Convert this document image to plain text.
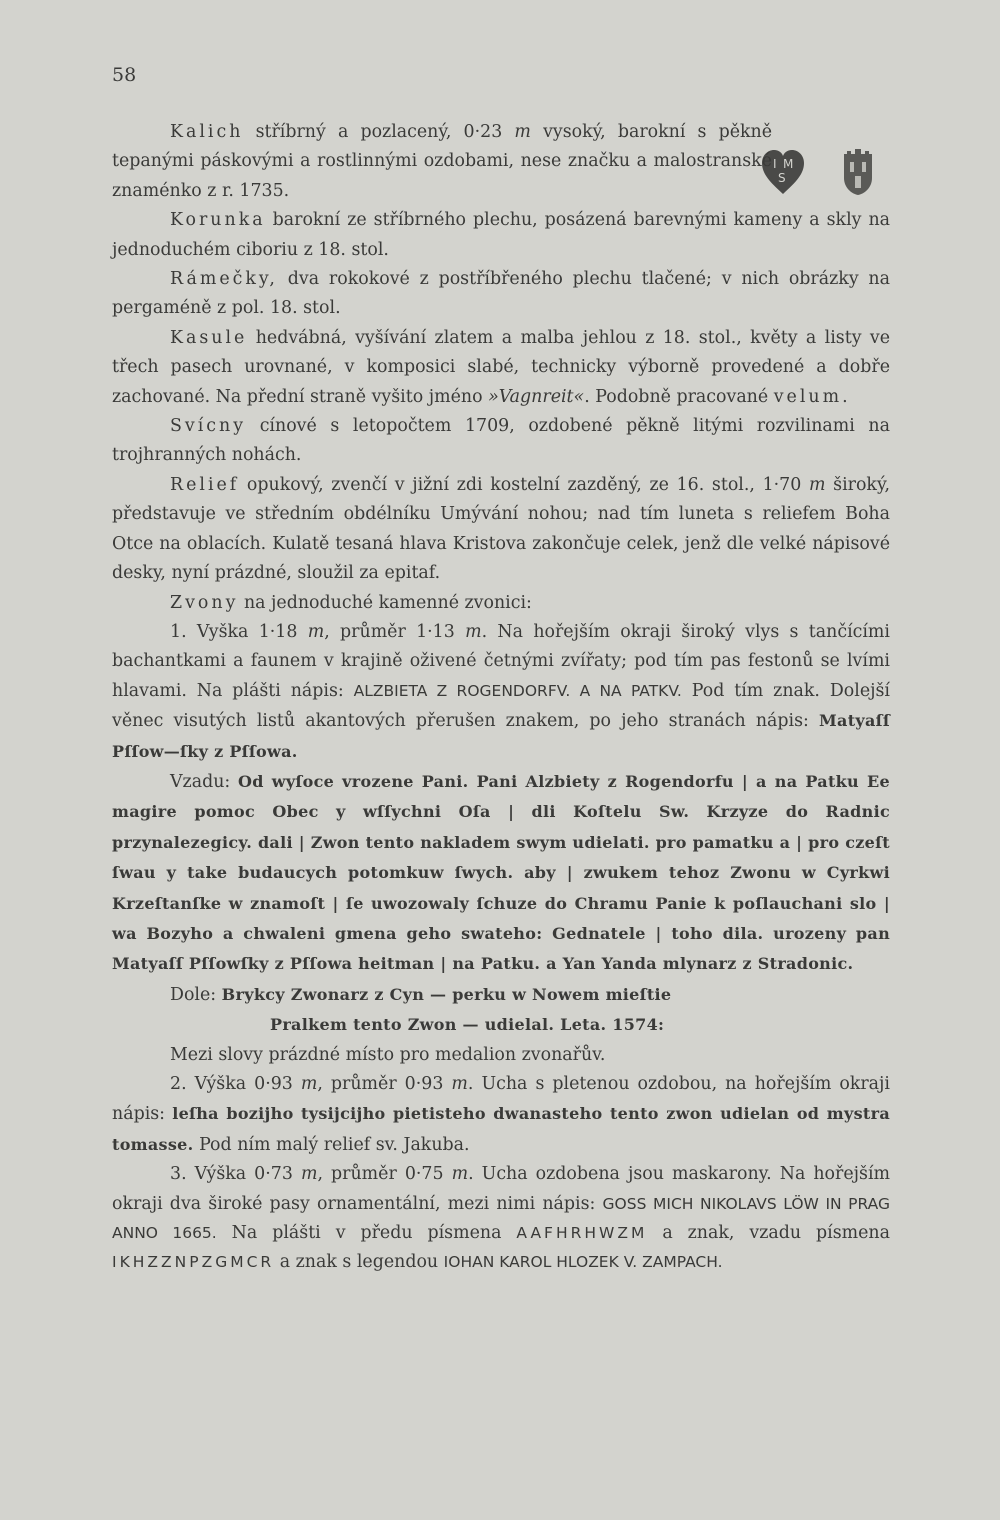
58
I M
S

Kalich stříbrný a pozlacený, 0·23 m vysoký, barokní s pěkně tepanými páskovými a rostlinnými ozdobami, nese značku a malostranské znaménko z r. 1735.

Korunka barokní ze stříbrného plechu, posázená barevnými kameny a skly na jednoduchém ciboriu z 18. stol.

Rámečky, dva rokokové z postříbřeného plechu tlačené; v nich obrázky na pergaméně z pol. 18. stol.

Kasule hedvábná, vyšívání zlatem a malba jehlou z 18. stol., květy a listy ve třech pasech urovnané, v komposici slabé, technicky výborně provedené a dobře zachované. Na přední straně vyšito jméno »Vagnreit«. Podobně pracované velum.

Svícny cínové s letopočtem 1709, ozdobené pěkně litými rozvilinami na trojhranných nohách.

Relief opukový, zvenčí v jižní zdi kostelní zazděný, ze 16. stol., 1·70 m široký, představuje ve středním obdélníku Umývání nohou; nad tím luneta s reliefem Boha Otce na oblacích. Kulatě tesaná hlava Kristova zakončuje celek, jenž dle velké nápisové desky, nyní prázdné, sloužil za epitaf.

Zvony na jednoduché kamenné zvonici:

1. Vyška 1·18 m, průměr 1·13 m. Na hořejším okraji široký vlys s tančícími bachantkami a faunem v krajině oživené četnými zvířaty; pod tím pas festonů se lvími hlavami. Na plášti nápis: ALZBIETA Z ROGENDORFV. A NA PATKV. Pod tím znak. Dolejší věnec visutých listů akantových přerušen znakem, po jeho stranách nápis: Matyaſſ Pſſow—ſky z Pſſowa.

Vzadu: Od wyſoce vrozene Pani. Pani Alzbiety z Rogendorfu | a na Patku Ee magire pomoc Obec y wſſychni Oſa | dli Koſtelu Sw. Krzyze do Radnic przynalezegicy. dali | Zwon tento nakladem swym udielati. pro pamatku a | pro czeſt ſwau y take budaucych potomkuw ſwych. aby | zwukem tehoz Zwonu w Cyrkwi Krzeſtanſke w znamoſt | ſe uwozowaly ſchuze do Chramu Panie k poſlauchani slo | wa Bozyho a chwaleni gmena geho swateho: Gednatele | toho dila. urozeny pan Matyaſſ Pſſowſky z Pſſowa heitman | na Patku. a Yan Yanda mlynarz z Stradonic.

Dole: Brykcy Zwonarz z Cyn — perku w Nowem mieſtie

Pralkem tento Zwon — udielal. Leta. 1574:

Mezi slovy prázdné místo pro medalion zvonařův.

2. Výška 0·93 m, průměr 0·93 m. Ucha s pletenou ozdobou, na hořejším okraji nápis: leſha bozijho tysijcijho pietisteho dwanasteho tento zwon udielan od mystra tomasse. Pod ním malý relief sv. Jakuba.

3. Výška 0·73 m, průměr 0·75 m. Ucha ozdobena jsou maskarony. Na hořejším okraji dva široké pasy ornamentální, mezi nimi nápis: GOSS MICH NIKOLAVS LÖW IN PRAG ANNO 1665. Na plášti v předu písmena AAFHRHWZM a znak, vzadu písmena IKHZZNPZGMCR a znak s legendou IOHAN KAROL HLOZEK V. ZAMPACH.
